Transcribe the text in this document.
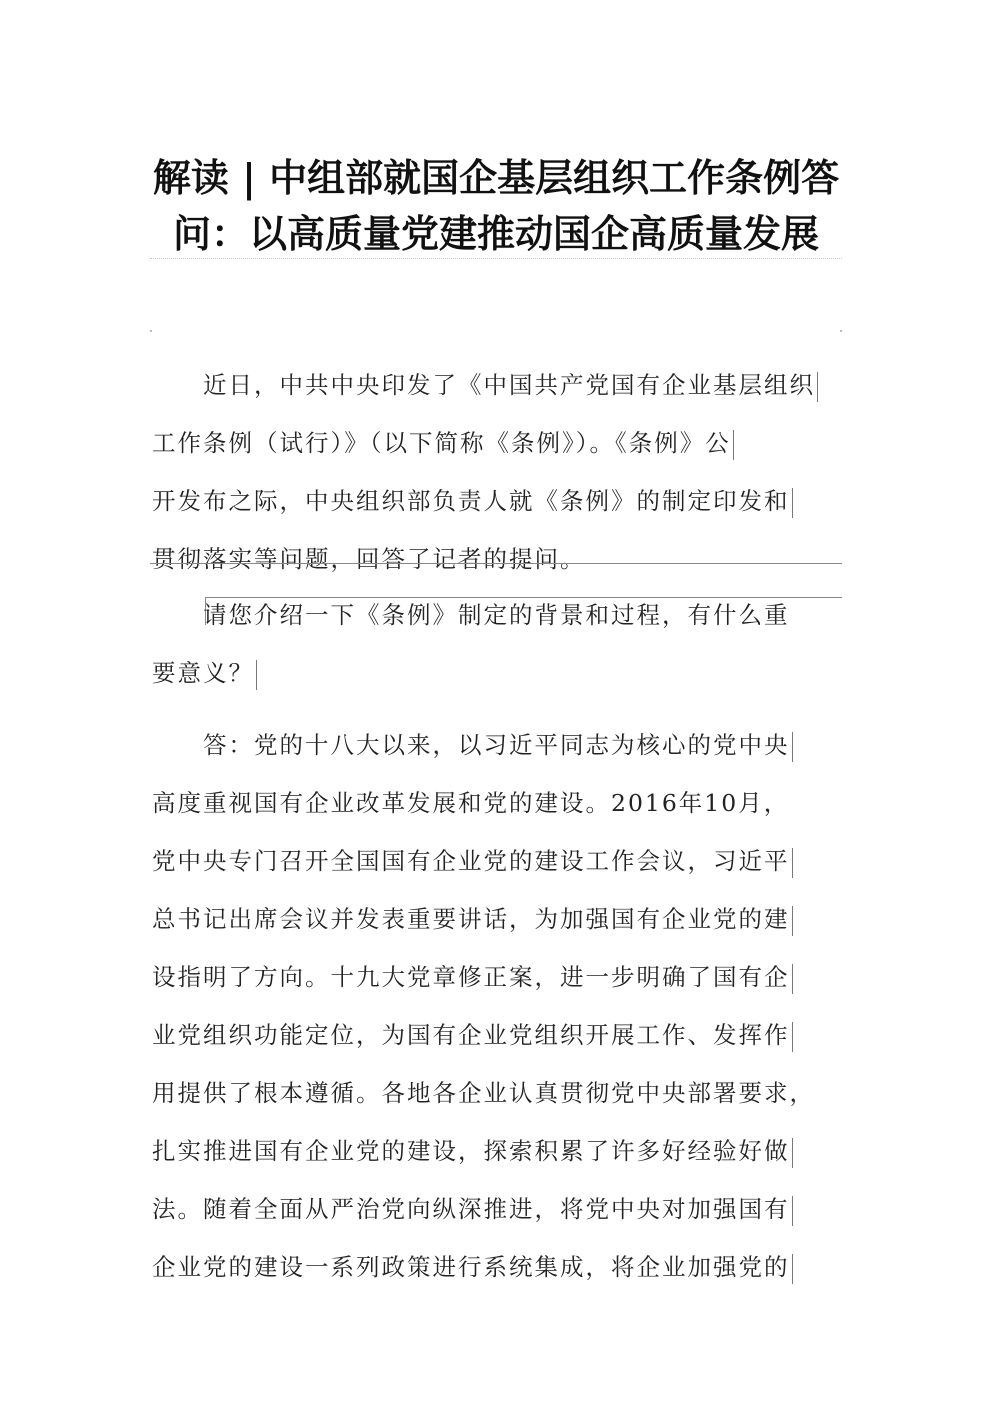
解读 | 中组部就国企基层组织工作条例答
问：以高质量党建推动国企高质量发展
　　近日，中共中央印发了《中国共产党国有企业基层组织
工作条例（试行）》（以下简称《条例》）。《条例》公
开发布之际，中央组织部负责人就《条例》的制定印发和
贯彻落实等问题，回答了记者的提问。
　　请您介绍一下《条例》制定的背景和过程，有什么重
要意义？
　　答：党的十八大以来，以习近平同志为核心的党中央
高度重视国有企业改革发展和党的建设。2016年10月，
党中央专门召开全国国有企业党的建设工作会议，习近平
总书记出席会议并发表重要讲话，为加强国有企业党的建
设指明了方向。十九大党章修正案，进一步明确了国有企
业党组织功能定位，为国有企业党组织开展工作、发挥作
用提供了根本遵循。各地各企业认真贯彻党中央部署要求，
扎实推进国有企业党的建设，探索积累了许多好经验好做
法。随着全面从严治党向纵深推进，将党中央对加强国有
企业党的建设一系列政策进行系统集成，将企业加强党的
